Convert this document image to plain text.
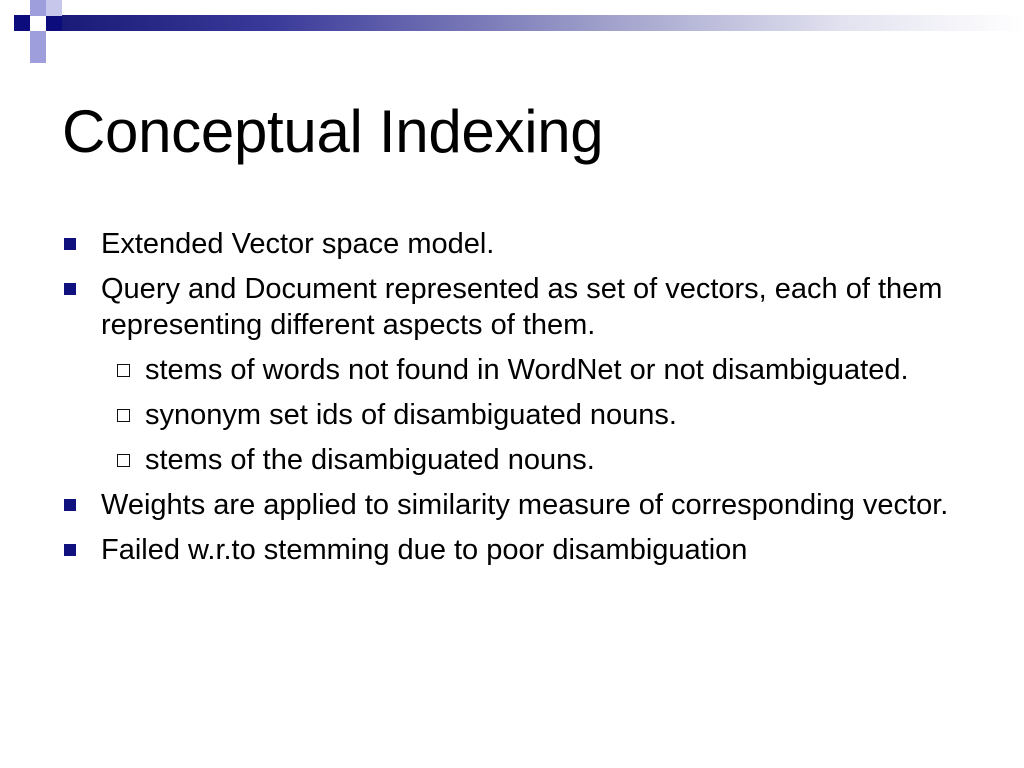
Conceptual Indexing
Extended Vector space model.
Query and Document represented as set of vectors, each of them representing different aspects of them.
stems of words not found in WordNet or not disambiguated.
synonym set ids of disambiguated nouns.
stems of the disambiguated nouns.
Weights are applied to similarity measure of corresponding vector.
Failed w.r.to stemming due to poor disambiguation
